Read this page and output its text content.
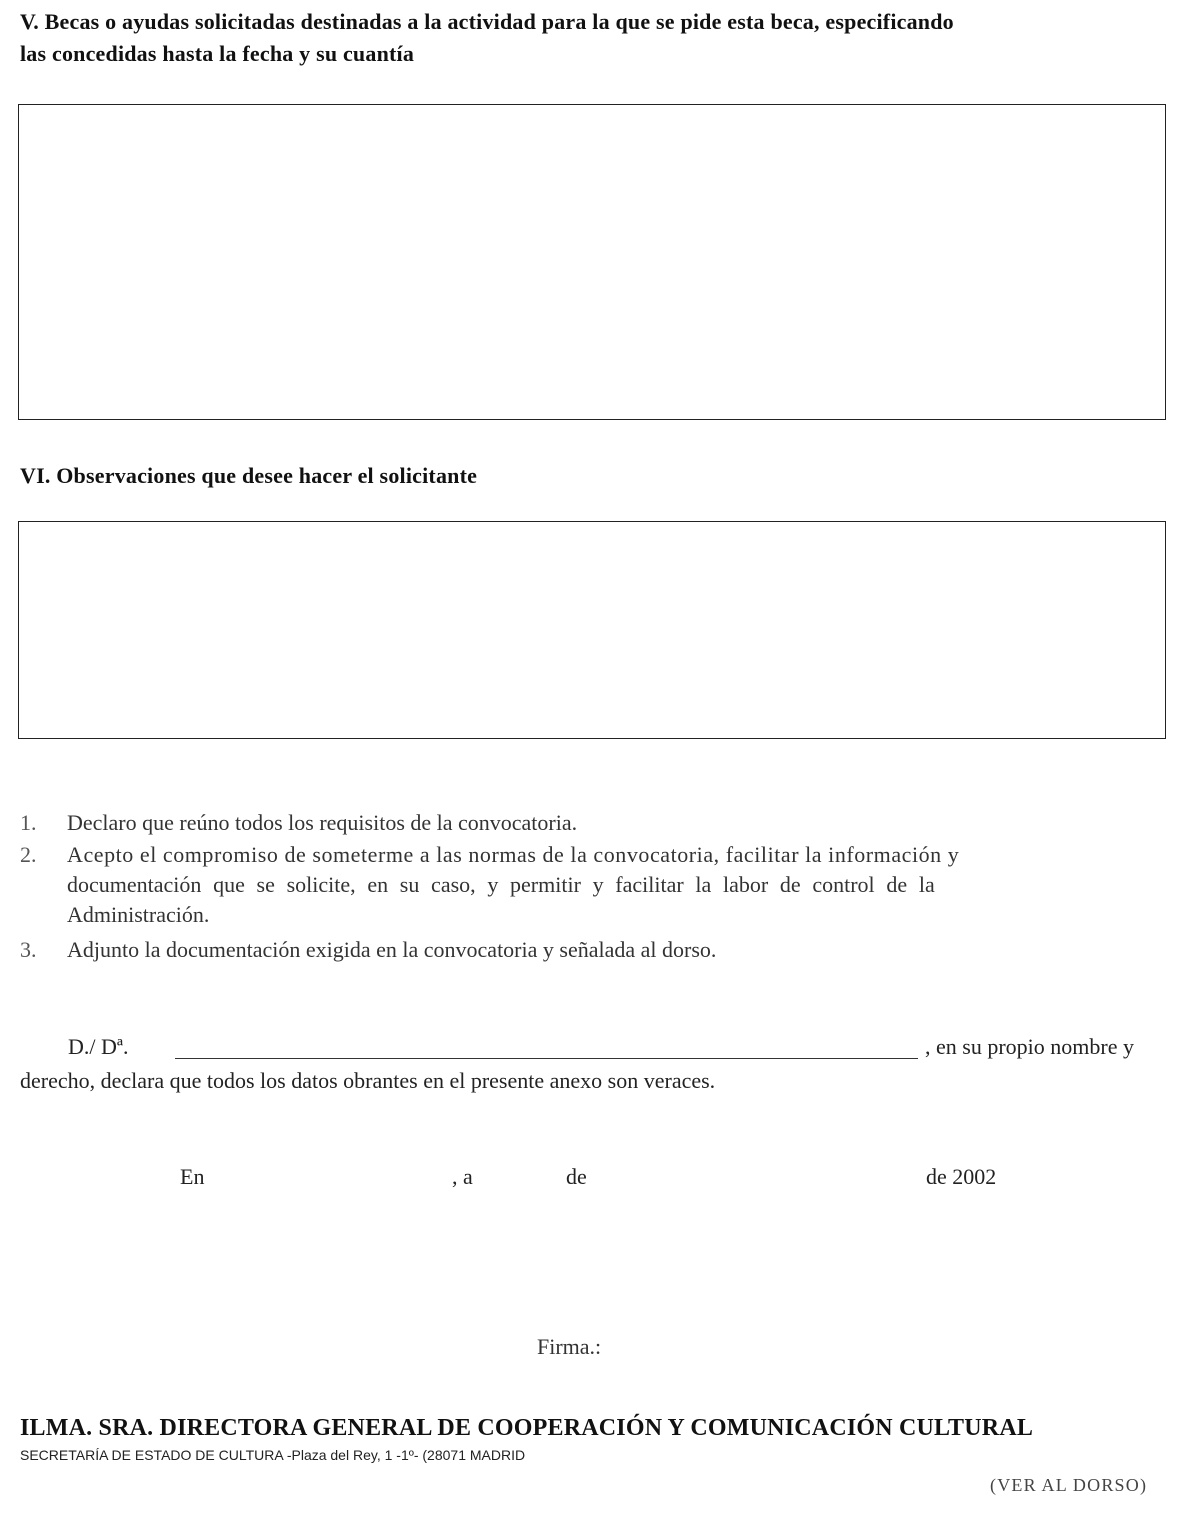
V. Becas o ayudas solicitadas destinadas a la actividad para la que se pide esta beca, especificando
las concedidas hasta la fecha y su cuantía
VI. Observaciones que desee hacer el solicitante
1.	Declaro que reúno todos los requisitos de la convocatoria.
2.	Acepto el compromiso de someterme a las normas de la convocatoria, facilitar la información y
documentación que se solicite, en su caso, y permitir y facilitar la labor de control de la
Administración.
3.	Adjunto la documentación exigida en la convocatoria y señalada al dorso.
D./ Dª.	, en su propio nombre y
derecho, declara que todos los datos obrantes en el presente anexo son veraces.
En	, a	de	de 2002
Firma.:
ILMA. SRA. DIRECTORA GENERAL DE COOPERACIÓN Y COMUNICACIÓN CULTURAL
SECRETARÍA DE ESTADO DE CULTURA -Plaza del Rey, 1 -1º- (28071 MADRID
(VER AL DORSO)
